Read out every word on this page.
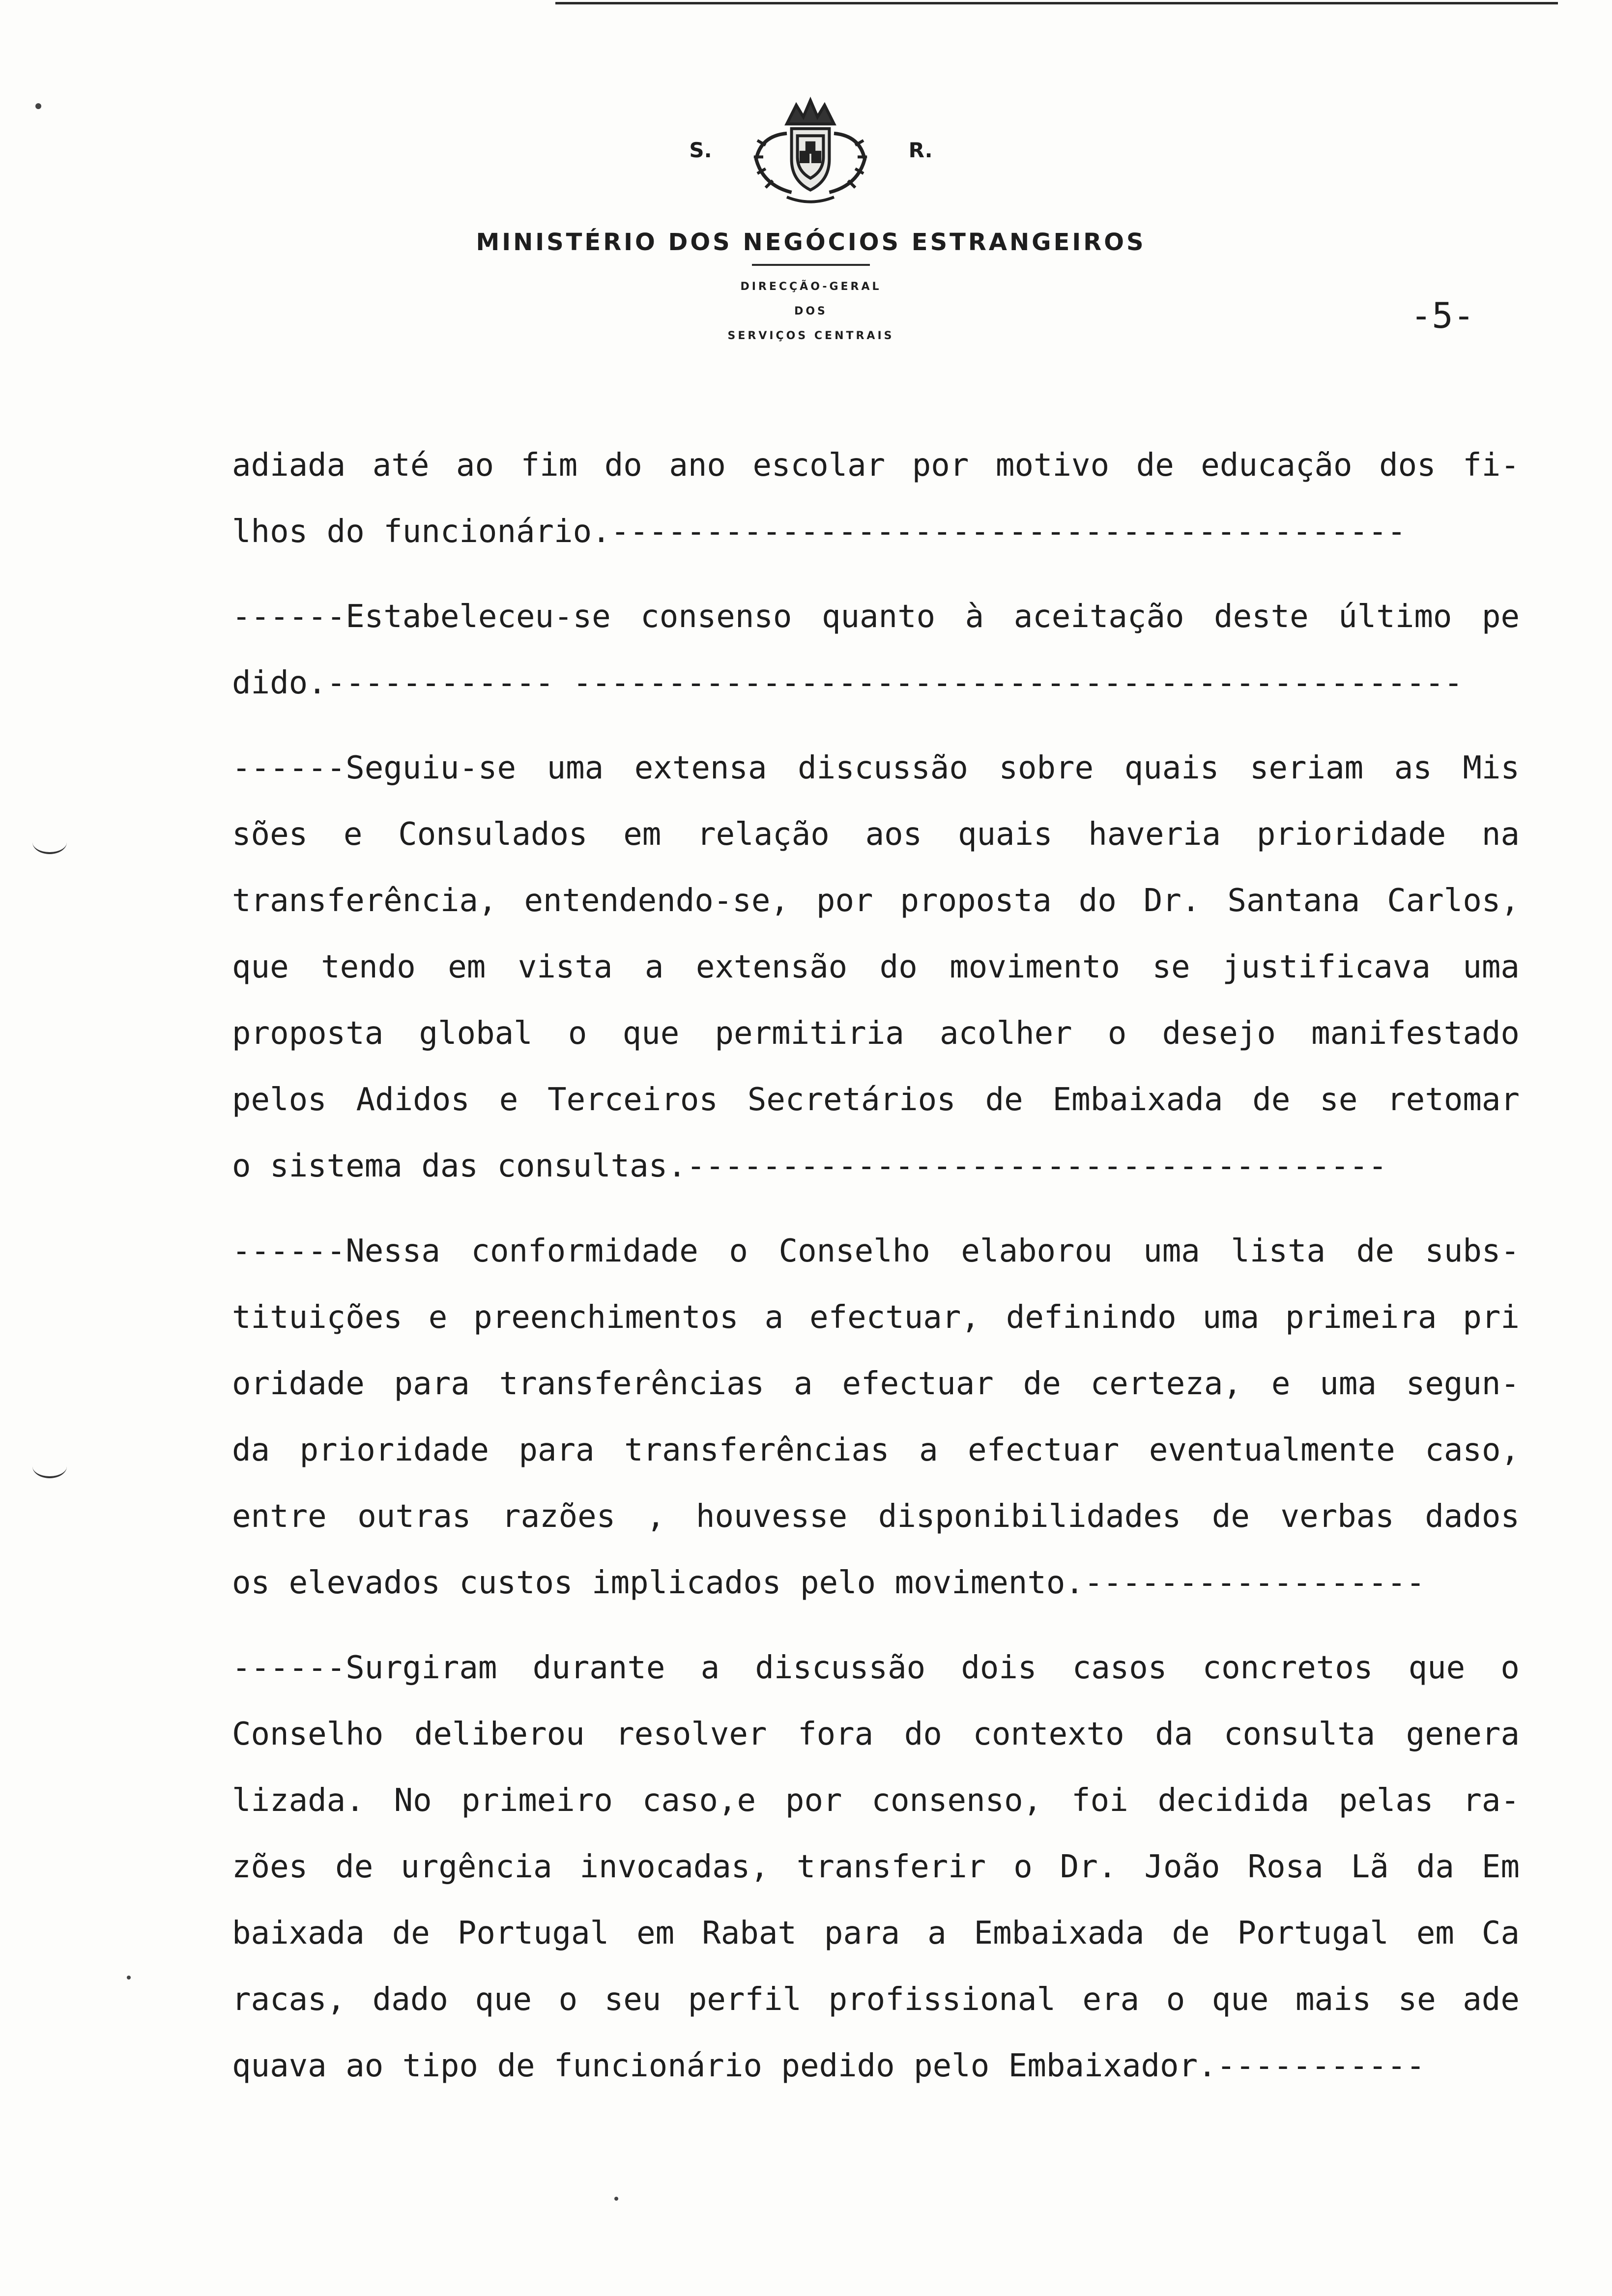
S.	R.
MINISTÉRIO DOS NEGÓCIOS ESTRANGEIROS
DIRECÇÃO-GERAL
DOS
SERVIÇOS CENTRAIS	-5-
adiada até ao fim do ano escolar por motivo de educação dos fi-
lhos do funcionário.------------------------------------------
------Estabeleceu-se consenso quanto à aceitação deste último pe
dido.------------ -----------------------------------------------
------Seguiu-se uma extensa discussão sobre quais seriam as Mis
sões e Consulados em relação aos quais haveria prioridade na
transferência, entendendo-se, por proposta do Dr. Santana Carlos,
que tendo em vista a extensão do movimento se justificava uma
proposta global o que permitiria acolher o desejo manifestado
pelos Adidos e Terceiros Secretários de Embaixada de se retomar
o sistema das consultas.-------------------------------------
------Nessa conformidade o Conselho elaborou uma lista de subs-
tituições e preenchimentos a efectuar, definindo uma primeira pri
oridade para transferências a efectuar de certeza, e uma segun-
da prioridade para transferências a efectuar eventualmente caso,
entre outras razões , houvesse disponibilidades de verbas dados
os elevados custos implicados pelo movimento.------------------
------Surgiram durante a discussão dois casos concretos que o
Conselho deliberou resolver fora do contexto da consulta genera
lizada. No primeiro caso,e por consenso, foi decidida pelas ra-
zões de urgência invocadas, transferir o Dr. João Rosa Lã da Em
baixada de Portugal em Rabat para a Embaixada de Portugal em Ca
racas, dado que o seu perfil profissional era o que mais se ade
quava ao tipo de funcionário pedido pelo Embaixador.-----------
